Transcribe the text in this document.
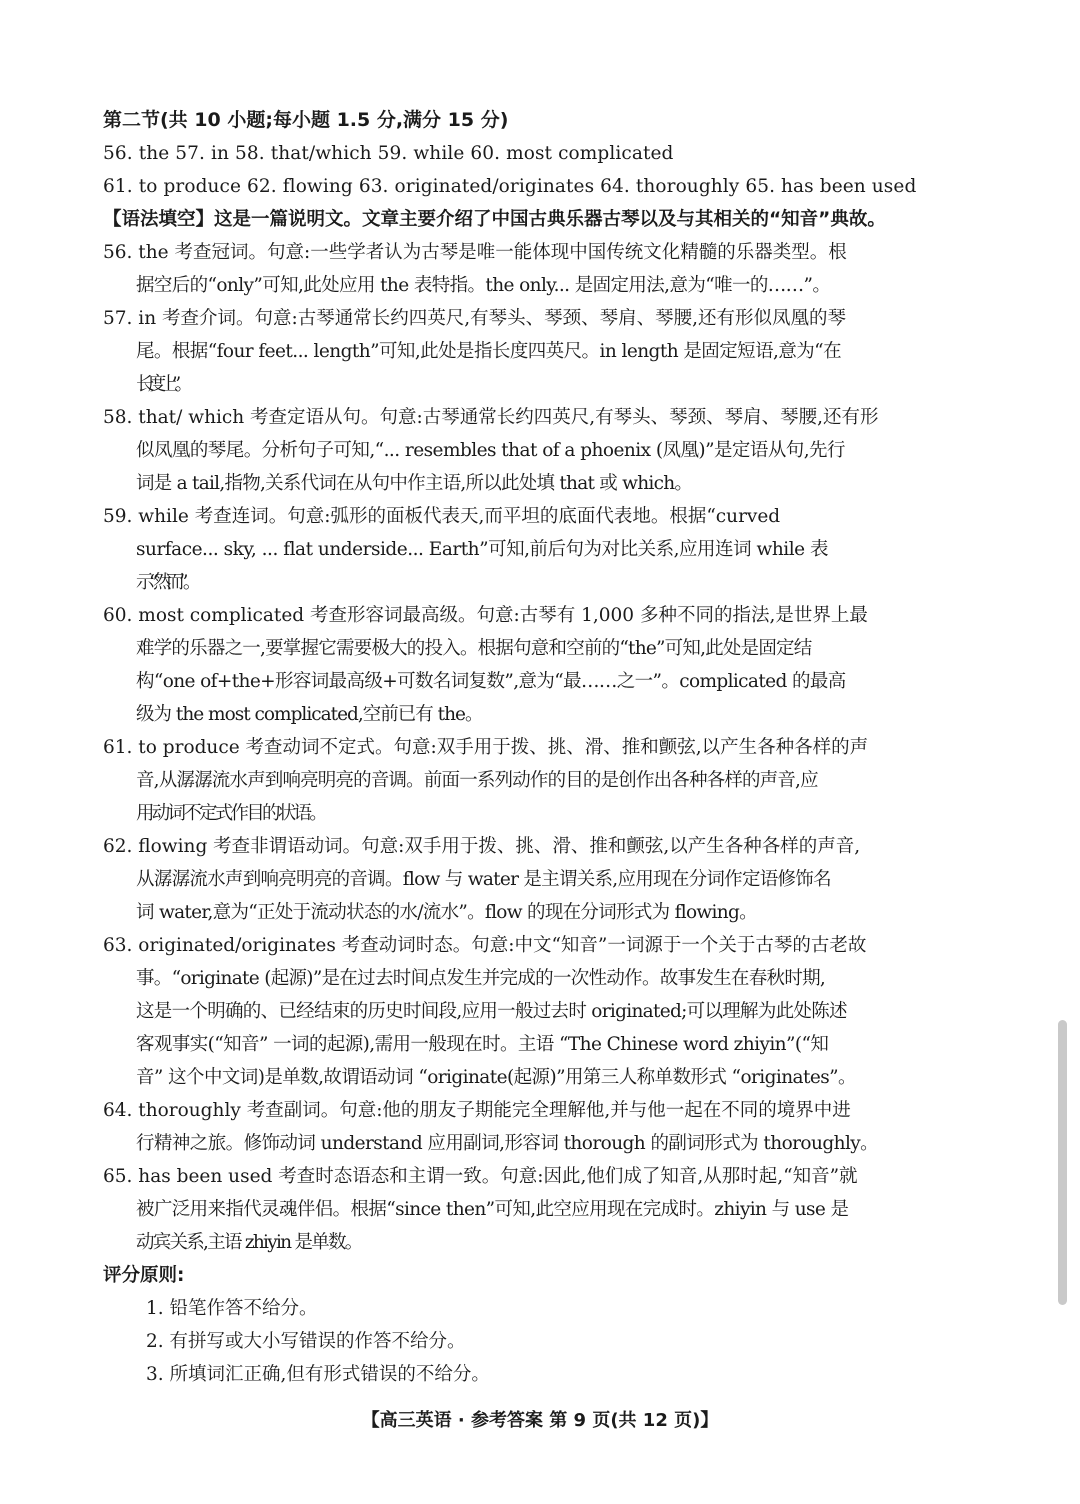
第二节(共 10 小题;每小题 1.5 分,满分 15 分)
56. the 57. in 58. that/which 59. while 60. most complicated
61. to produce 62. flowing 63. originated/originates 64. thoroughly 65. has been used
【语法填空】这是一篇说明文。文章主要介绍了中国古典乐器古琴以及与其相关的“知音”典故。
56. the 考查冠词。句意:一些学者认为古琴是唯一能体现中国传统文化精髓的乐器类型。根
据空后的“only”可知,此处应用 the 表特指。the only... 是固定用法,意为“唯一的……”。
57. in 考查介词。句意:古琴通常长约四英尺,有琴头、琴颈、琴肩、琴腰,还有形似凤凰的琴
尾。根据“four feet... length”可知,此处是指长度四英尺。in length 是固定短语,意为“在
长度上”。
58. that/ which 考查定语从句。句意:古琴通常长约四英尺,有琴头、琴颈、琴肩、琴腰,还有形
似凤凰的琴尾。分析句子可知,“... resembles that of a phoenix (凤凰)”是定语从句,先行
词是 a tail,指物,关系代词在从句中作主语,所以此处填 that 或 which。
59. while 考查连词。句意:弧形的面板代表天,而平坦的底面代表地。根据“curved
surface... sky, ... flat underside... Earth”可知,前后句为对比关系,应用连词 while 表
示“然而”。
60. most complicated 考查形容词最高级。句意:古琴有 1,000 多种不同的指法,是世界上最
难学的乐器之一,要掌握它需要极大的投入。根据句意和空前的“the”可知,此处是固定结
构“one of+the+形容词最高级+可数名词复数”,意为“最……之一”。complicated 的最高
级为 the most complicated,空前已有 the。
61. to produce 考查动词不定式。句意:双手用于拨、挑、滑、推和颤弦,以产生各种各样的声
音,从潺潺流水声到响亮明亮的音调。前面一系列动作的目的是创作出各种各样的声音,应
用动词不定式作目的状语。
62. flowing 考查非谓语动词。句意:双手用于拨、挑、滑、推和颤弦,以产生各种各样的声音,
从潺潺流水声到响亮明亮的音调。flow 与 water 是主谓关系,应用现在分词作定语修饰名
词 water,意为“正处于流动状态的水/流水”。flow 的现在分词形式为 flowing。
63. originated/originates 考查动词时态。句意:中文“知音”一词源于一个关于古琴的古老故
事。“originate (起源)”是在过去时间点发生并完成的一次性动作。故事发生在春秋时期,
这是一个明确的、已经结束的历史时间段,应用一般过去时 originated;可以理解为此处陈述
客观事实(“知音” 一词的起源),需用一般现在时。主语 “The Chinese word zhiyin”(“知
音” 这个中文词)是单数,故谓语动词 “originate(起源)”用第三人称单数形式 “originates”。
64. thoroughly 考查副词。句意:他的朋友子期能完全理解他,并与他一起在不同的境界中进
行精神之旅。修饰动词 understand 应用副词,形容词 thorough 的副词形式为 thoroughly。
65. has been used 考查时态语态和主谓一致。句意:因此,他们成了知音,从那时起,“知音”就
被广泛用来指代灵魂伴侣。根据“since then”可知,此空应用现在完成时。zhiyin 与 use 是
动宾关系,主语 zhiyin 是单数。
评分原则:
1. 铅笔作答不给分。
2. 有拼写或大小写错误的作答不给分。
3. 所填词汇正确,但有形式错误的不给分。
【高三英语 · 参考答案 第 9 页(共 12 页)】
